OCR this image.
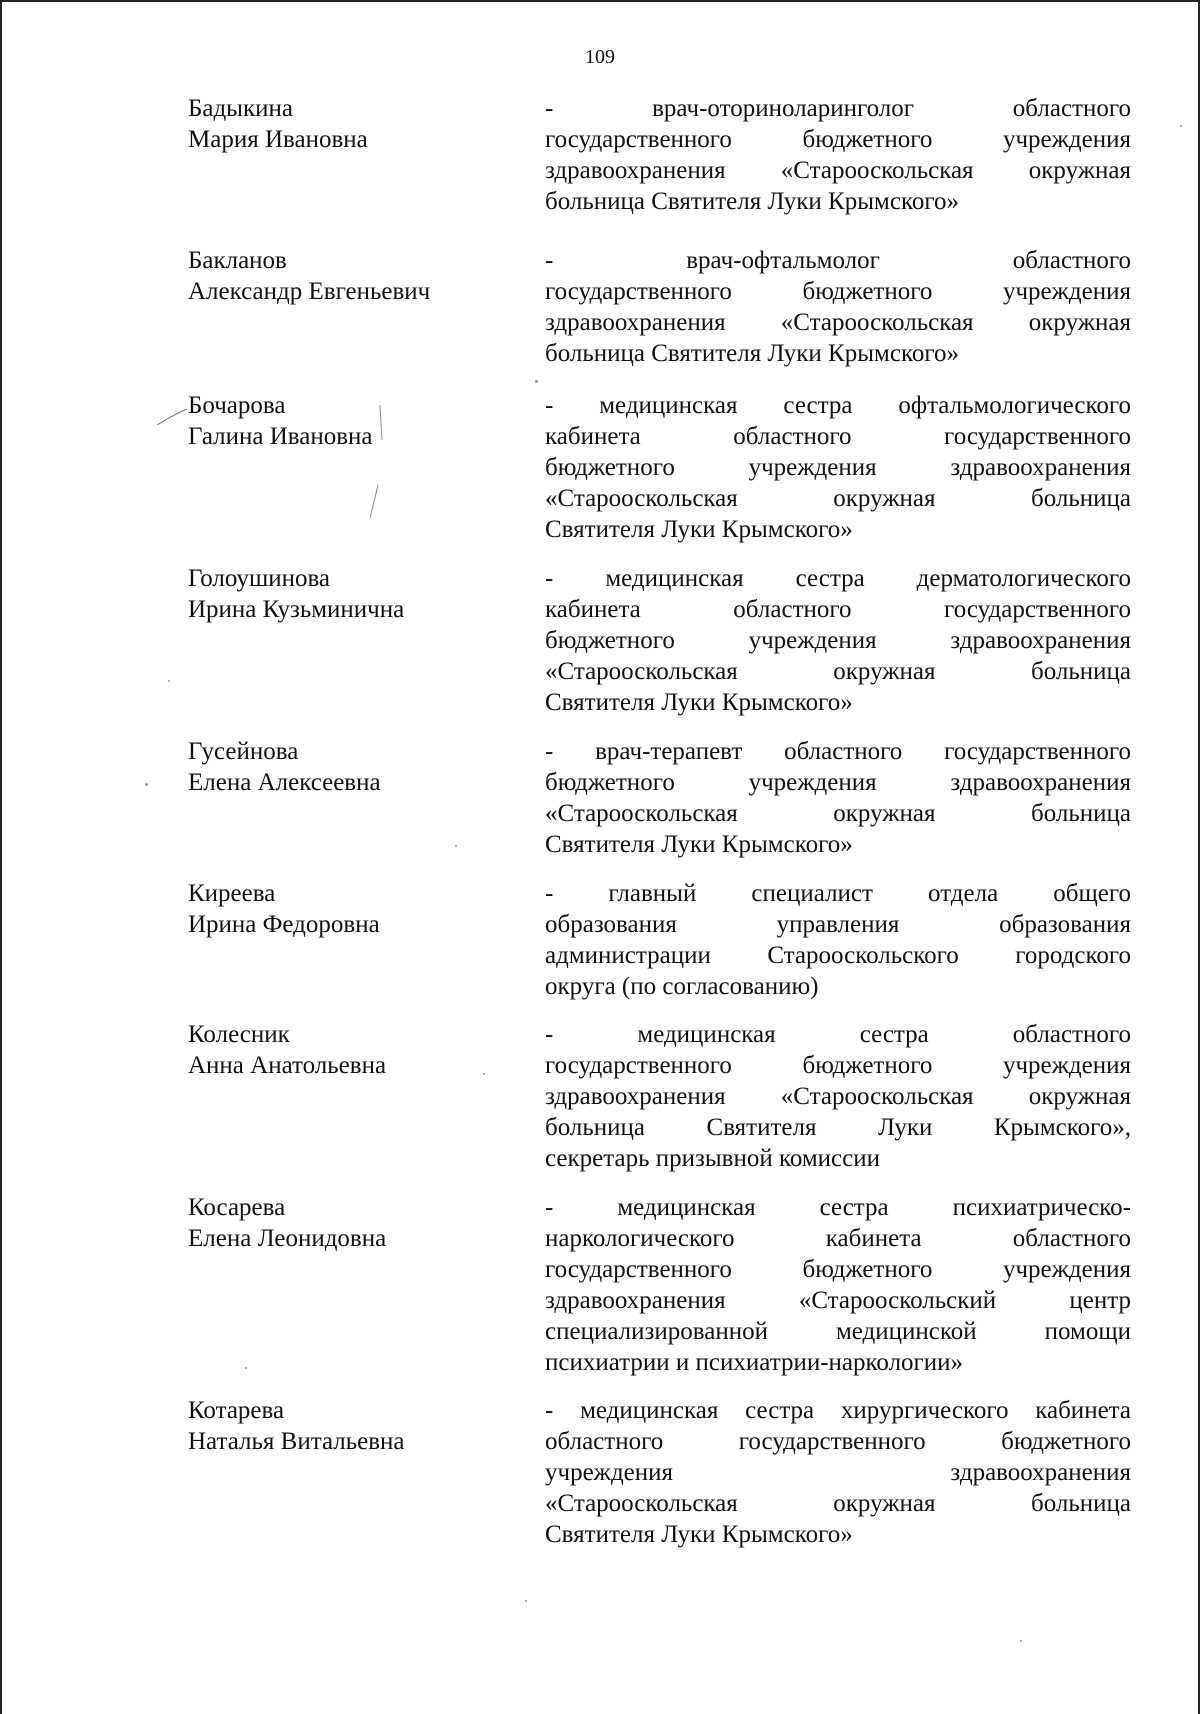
109
Бадыкина
Мария Ивановна
- врач-оториноларинголог областного
государственного бюджетного учреждения
здравоохранения «Старооскольская окружная
больница Святителя Луки Крымского»
Бакланов
Александр Евгеньевич
- врач-офтальмолог областного
государственного бюджетного учреждения
здравоохранения «Старооскольская окружная
больница Святителя Луки Крымского»
Бочарова
Галина Ивановна
- медицинская сестра офтальмологического
кабинета областного государственного
бюджетного учреждения здравоохранения
«Старооскольская окружная больница
Святителя Луки Крымского»
Голоушинова
Ирина Кузьминична
- медицинская сестра дерматологического
кабинета областного государственного
бюджетного учреждения здравоохранения
«Старооскольская окружная больница
Святителя Луки Крымского»
Гусейнова
Елена Алексеевна
- врач-терапевт областного государственного
бюджетного учреждения здравоохранения
«Старооскольская окружная больница
Святителя Луки Крымского»
Киреева
Ирина Федоровна
- главный специалист отдела общего
образования управления образования
администрации Старооскольского городского
округа (по согласованию)
Колесник
Анна Анатольевна
- медицинская сестра областного
государственного бюджетного учреждения
здравоохранения «Старооскольская окружная
больница Святителя Луки Крымского»,
секретарь призывной комиссии
Косарева
Елена Леонидовна
- медицинская сестра психиатрическо-
наркологического кабинета областного
государственного бюджетного учреждения
здравоохранения «Старооскольский центр
специализированной медицинской помощи
психиатрии и психиатрии-наркологии»
Котарева
Наталья Витальевна
- медицинская сестра хирургического кабинета
областного государственного бюджетного
учреждения здравоохранения
«Старооскольская окружная больница
Святителя Луки Крымского»
